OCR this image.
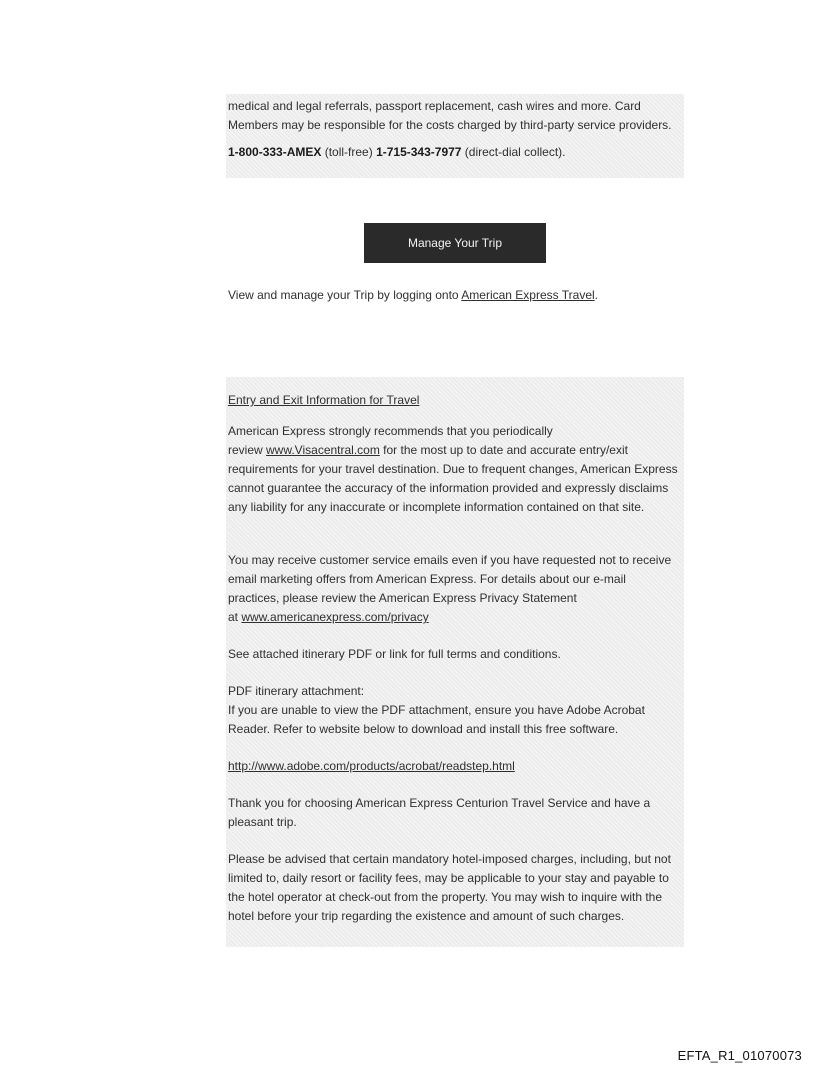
medical and legal referrals, passport replacement, cash wires and more. Card
Members may be responsible for the costs charged by third-party service providers.

1-800-333-AMEX (toll-free) 1-715-343-7977 (direct-dial collect).

Manage Your Trip

View and manage your Trip by logging onto American Express Travel.

Entry and Exit Information for Travel

American Express strongly recommends that you periodically
review www.Visacentral.com for the most up to date and accurate entry/exit
requirements for your travel destination. Due to frequent changes, American Express
cannot guarantee the accuracy of the information provided and expressly disclaims
any liability for any inaccurate or incomplete information contained on that site.

You may receive customer service emails even if you have requested not to receive
email marketing offers from American Express. For details about our e-mail
practices, please review the American Express Privacy Statement
at www.americanexpress.com/privacy

See attached itinerary PDF or link for full terms and conditions.

PDF itinerary attachment:
If you are unable to view the PDF attachment, ensure you have Adobe Acrobat
Reader. Refer to website below to download and install this free software.

http://www.adobe.com/products/acrobat/readstep.html

Thank you for choosing American Express Centurion Travel Service and have a
pleasant trip.

Please be advised that certain mandatory hotel-imposed charges, including, but not
limited to, daily resort or facility fees, may be applicable to your stay and payable to
the hotel operator at check-out from the property. You may wish to inquire with the
hotel before your trip regarding the existence and amount of such charges.

EFTA_R1_01070073
